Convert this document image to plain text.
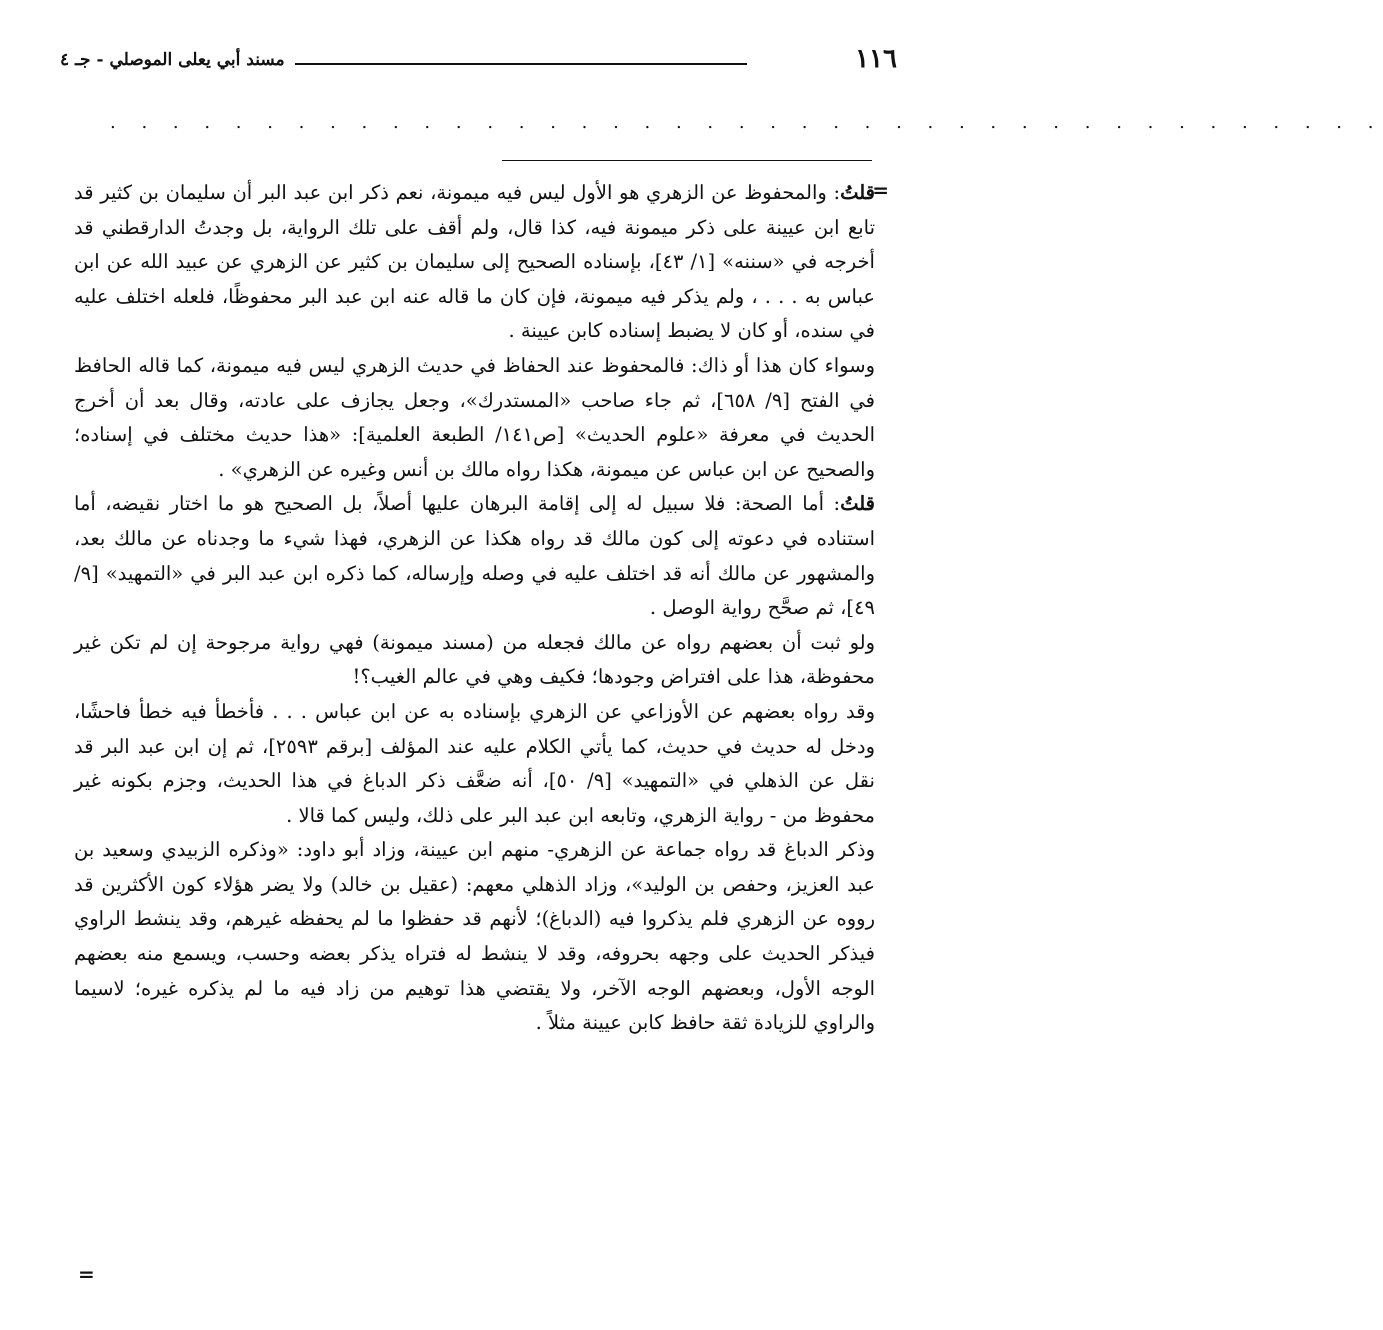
١١٦
مسند أبي يعلى الموصلي - جـ ٤
. . . . . . . . . . . . . . . . . . . . . . . . . . . . . . . . . . . . . . . . .
=

قلتُ: والمحفوظ عن الزهري هو الأول ليس فيه ميمونة، نعم ذكر ابن عبد البر أن سليمان بن كثير قد تابع ابن عيينة على ذكر ميمونة فيه، كذا قال، ولم أقف على تلك الرواية، بل وجدتُ الدارقطني قد أخرجه في «سننه» [١/ ٤٣]، بإسناده الصحيح إلى سليمان بن كثير عن الزهري عن عبيد الله عن ابن عباس به . . . ، ولم يذكر فيه ميمونة، فإن كان ما قاله عنه ابن عبد البر محفوظًا، فلعله اختلف عليه في سنده، أو كان لا يضبط إسناده كابن عيينة .

وسواء كان هذا أو ذاك: فالمحفوظ عند الحفاظ في حديث الزهري ليس فيه ميمونة، كما قاله الحافظ في الفتح [٩/ ٦٥٨]، ثم جاء صاحب «المستدرك»، وجعل يجازف على عادته، وقال بعد أن أخرج الحديث في معرفة «علوم الحديث» [ص١٤١/ الطبعة العلمية]: «هذا حديث مختلف في إسناده؛ والصحيح عن ابن عباس عن ميمونة، هكذا رواه مالك بن أنس وغيره عن الزهري» .

قلتُ: أما الصحة: فلا سبيل له إلى إقامة البرهان عليها أصلاً، بل الصحيح هو ما اختار نقيضه، أما استناده في دعوته إلى كون مالك قد رواه هكذا عن الزهري، فهذا شيء ما وجدناه عن مالك بعد، والمشهور عن مالك أنه قد اختلف عليه في وصله وإرساله، كما ذكره ابن عبد البر في «التمهيد» [٩/ ٤٩]، ثم صحَّح رواية الوصل .

ولو ثبت أن بعضهم رواه عن مالك فجعله من (مسند ميمونة) فهي رواية مرجوحة إن لم تكن غير محفوظة، هذا على افتراض وجودها؛ فكيف وهي في عالم الغيب؟!

وقد رواه بعضهم عن الأوزاعي عن الزهري بإسناده به عن ابن عباس . . . فأخطأ فيه خطأ فاحشًا، ودخل له حديث في حديث، كما يأتي الكلام عليه عند المؤلف [برقم ٢٥٩٣]، ثم إن ابن عبد البر قد نقل عن الذهلي في «التمهيد» [٩/ ٥٠]، أنه ضعَّف ذكر الدباغ في هذا الحديث، وجزم بكونه غير محفوظ من - رواية الزهري، وتابعه ابن عبد البر على ذلك، وليس كما قالا .

وذكر الدباغ قد رواه جماعة عن الزهري- منهم ابن عيينة، وزاد أبو داود: «وذكره الزبيدي وسعيد بن عبد العزيز، وحفص بن الوليد»، وزاد الذهلي معهم: (عقيل بن خالد) ولا يضر هؤلاء كون الأكثرين قد رووه عن الزهري فلم يذكروا فيه (الدباغ)؛ لأنهم قد حفظوا ما لم يحفظه غيرهم، وقد ينشط الراوي فيذكر الحديث على وجهه بحروفه، وقد لا ينشط له فتراه يذكر بعضه وحسب، ويسمع منه بعضهم الوجه الأول، وبعضهم الوجه الآخر، ولا يقتضي هذا توهيم من زاد فيه ما لم يذكره غيره؛ لاسيما والراوي للزيادة ثقة حافظ كابن عيينة مثلاً .

=
